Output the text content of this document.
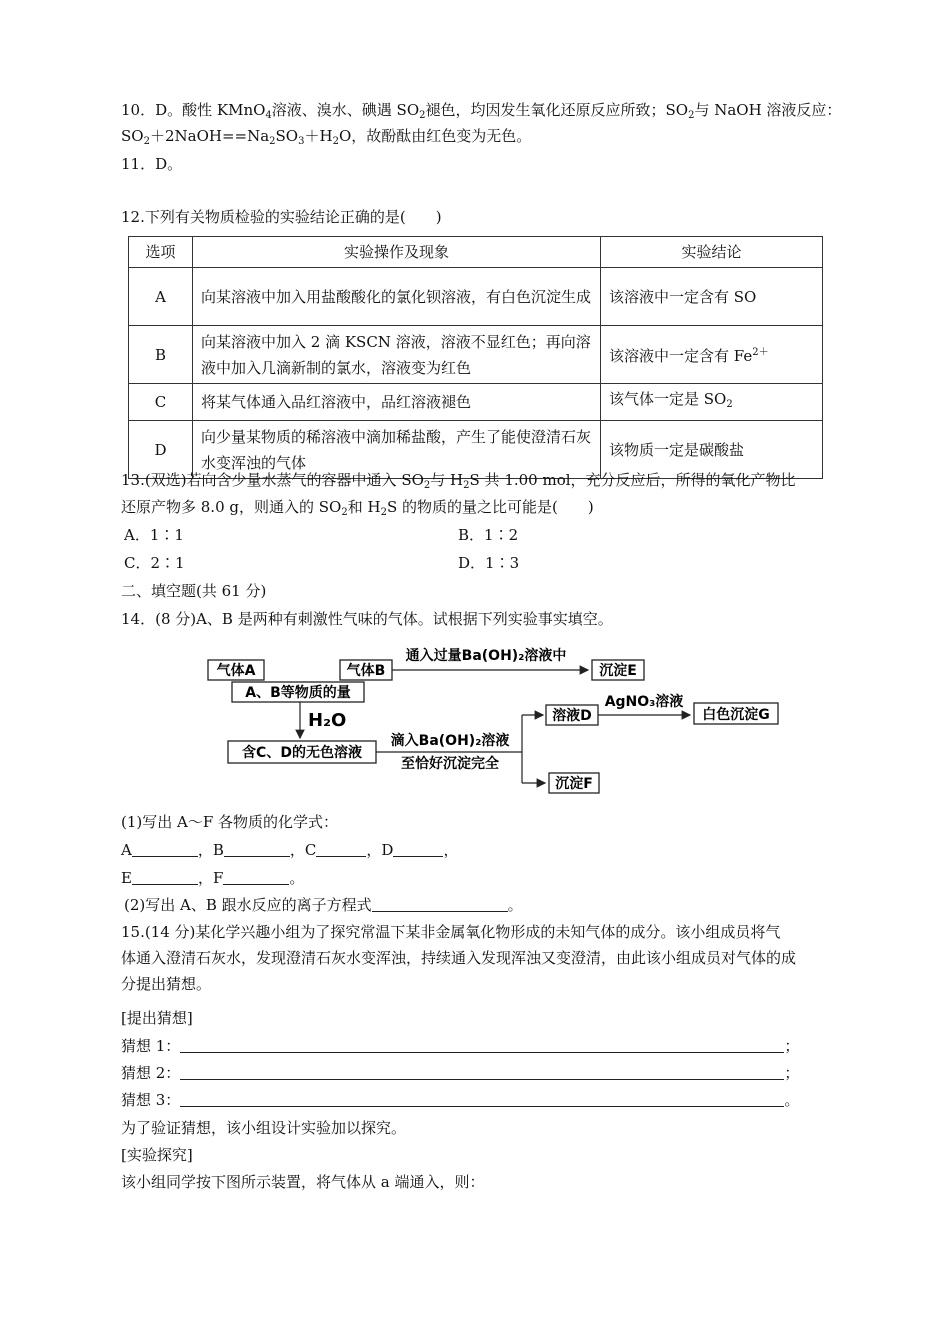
10．D。酸性 KMnO$_4$溶液、溴水、碘遇 $SO_2$褪色，均因发生氧化还原反应所致；$SO_2$与 NaOH 溶液反应：
$SO_2+2NaOH==Na_2SO_3+H_2O$，故酚酞由红色变为无色。
11．D。
12.下列有关物质检验的实验结论正确的是(　　)
选项	实验操作及现象	实验结论
A	向某溶液中加入用盐酸酸化的氯化钡溶液，有白色沉淀生成	该溶液中一定含有 SO
B	向某溶液中加入 2 滴 KSCN 溶液，溶液不显红色；再向溶液中加入几滴新制的氯水，溶液变为红色	该溶液中一定含有 $Fe^{2+}$
C	将某气体通入品红溶液中，品红溶液褪色	该气体一定是 $SO_2$
D	向少量某物质的稀溶液中滴加稀盐酸，产生了能使澄清石灰水变浑浊的气体	该物质一定是碳酸盐
13.(双选)若向含少量水蒸气的容器中通入 $SO_2$与 $H_2S$ 共 1.00 mol，充分反应后，所得的氧化产物比
还原产物多 8.0 g，则通入的 $SO_2$和 $H_2S$ 的物质的量之比可能是(　　)
A．1∶1	B．1∶2
C．2∶1	D．1∶3
二、填空题(共 61 分)
14．(8 分)A、B 是两种有刺激性气味的气体。试根据下列实验事实填空。
气体A	气体B
A、B等物质的量
通入过量Ba(OH)₂溶液中
沉淀E
H₂O
含C、D的无色溶液
滴入Ba(OH)₂溶液
至恰好沉淀完全
溶液D
AgNO₃溶液
白色沉淀G
沉淀F
(1)写出 A～F 各物质的化学式：
A	，B	，C	，D	，
E	，F	。
(2)写出 A、B 跟水反应的离子方程式	。
15.(14 分)某化学兴趣小组为了探究常温下某非金属氧化物形成的未知气体的成分。该小组成员将气
体通入澄清石灰水，发现澄清石灰水变浑浊，持续通入发现浑浊又变澄清，由此该小组成员对气体的成
分提出猜想。
[提出猜想]
猜想 1：	；
猜想 2：	；
猜想 3：	。
为了验证猜想，该小组设计实验加以探究。
[实验探究]
该小组同学按下图所示装置，将气体从 a 端通入，则：
